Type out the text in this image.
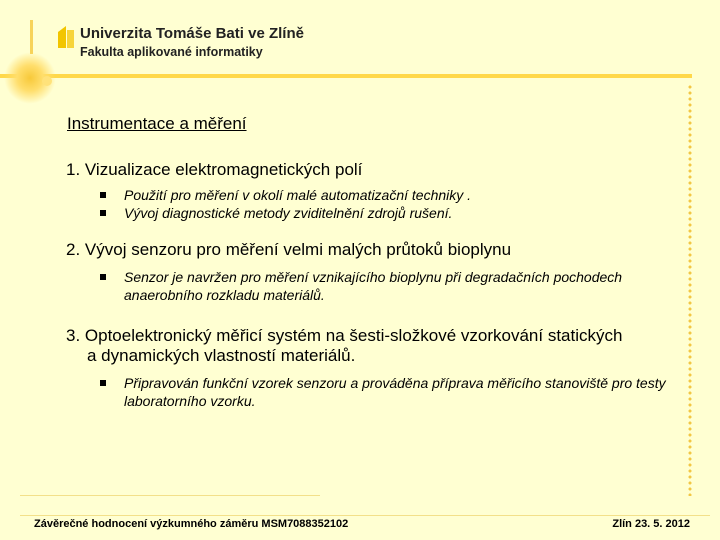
Univerzita Tomáše Bati ve Zlíně
Fakulta aplikované informatiky
Instrumentace a měření

1. Vizualizace elektromagnetických polí

Použití pro měření v okolí malé automatizační techniky .
Vývoj diagnostické metody zviditelnění zdrojů rušení.

2. Vývoj senzoru pro měření velmi malých průtoků bioplynu

Senzor je navržen pro měření vznikajícího bioplynu při degradačních pochodech anaerobního rozkladu materiálů.

3. Optoelektronický měřicí systém na šesti-složkové vzorkování statických
a dynamických vlastností materiálů.

Připravován funkční vzorek senzoru a prováděna příprava měřicího stanoviště pro testy laboratorního vzorku.
Závěrečné hodnocení výzkumného záměru MSM7088352102	Zlín 23. 5. 2012
